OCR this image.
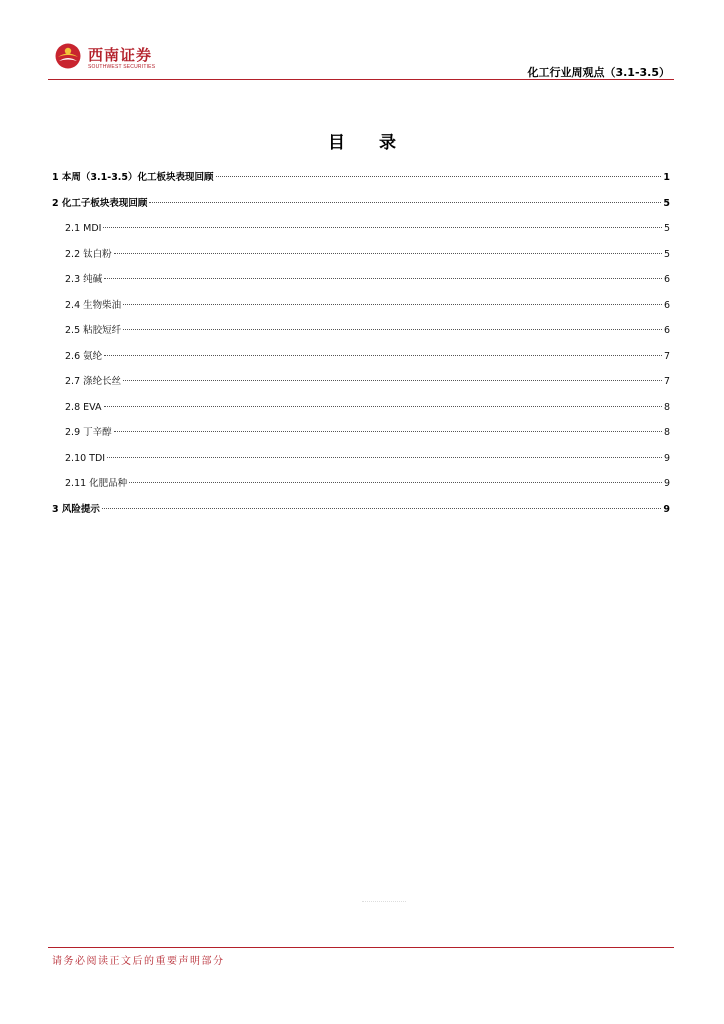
西南证券
SOUTHWEST SECURITIES	化工行业周观点（3.1-3.5）
目 录
1 本周（3.1-3.5）化工板块表现回顾	1
2 化工子板块表现回顾	5
2.1 MDI	5
2.2 钛白粉	5
2.3 纯碱	6
2.4 生物柴油	6
2.5 粘胶短纤	6
2.6 氨纶	7
2.7 涤纶长丝	7
2.8 EVA	8
2.9 丁辛醇	8
2.10 TDI	9
2.11 化肥品种	9
3 风险提示	9
请务必阅读正文后的重要声明部分
